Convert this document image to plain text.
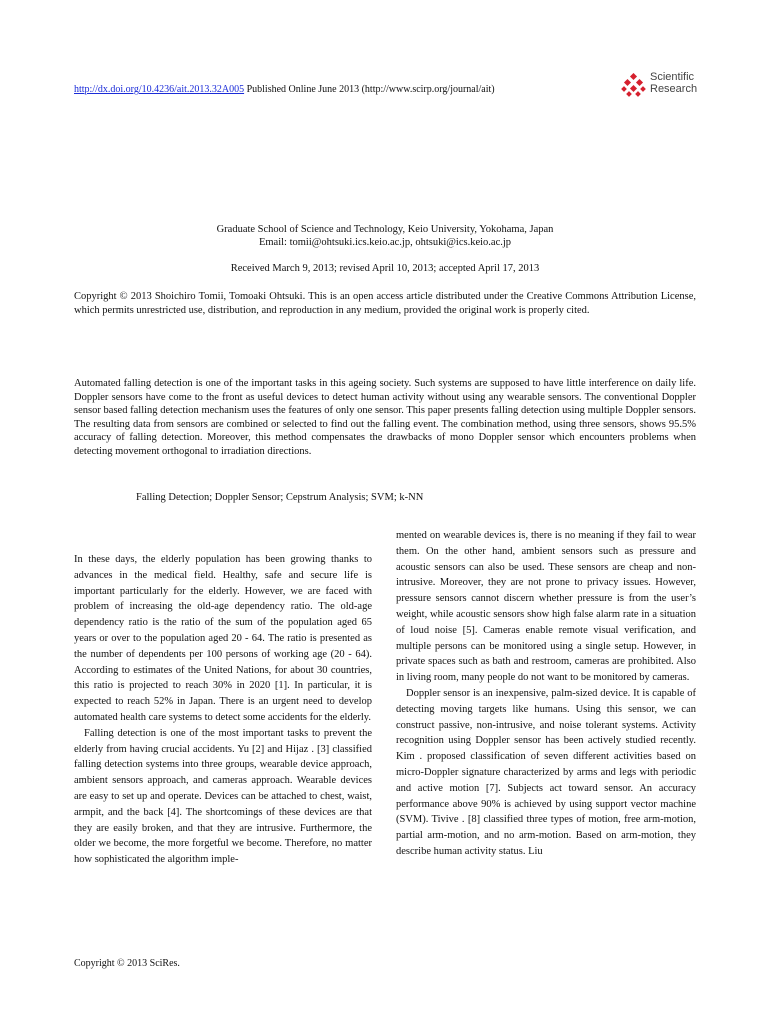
http://dx.doi.org/10.4236/ait.2013.32A005 Published Online June 2013 (http://www.scirp.org/journal/ait)
Scientific
Research
Graduate School of Science and Technology, Keio University, Yokohama, Japan
Email: tomii@ohtsuki.ics.keio.ac.jp, ohtsuki@ics.keio.ac.jp
Received March 9, 2013; revised April 10, 2013; accepted April 17, 2013
Copyright © 2013 Shoichiro Tomii, Tomoaki Ohtsuki. This is an open access article distributed under the Creative Commons Attribution License, which permits unrestricted use, distribution, and reproduction in any medium, provided the original work is properly cited.
Automated falling detection is one of the important tasks in this ageing society. Such systems are supposed to have little interference on daily life. Doppler sensors have come to the front as useful devices to detect human activity without using any wearable sensors. The conventional Doppler sensor based falling detection mechanism uses the features of only one sensor. This paper presents falling detection using multiple Doppler sensors. The resulting data from sensors are combined or selected to find out the falling event. The combination method, using three sensors, shows 95.5% accuracy of falling detection. Moreover, this method compensates the drawbacks of mono Doppler sensor which encounters problems when detecting movement orthogonal to irradiation directions.
Falling Detection; Doppler Sensor; Cepstrum Analysis; SVM; k-NN

In these days, the elderly population has been growing thanks to advances in the medical field. Healthy, safe and secure life is important particularly for the elderly. However, we are faced with problem of increasing the old-age dependency ratio. The old-age dependency ratio is the ratio of the sum of the population aged 65 years or over to the population aged 20 - 64. The ratio is presented as the number of dependents per 100 persons of working age (20 - 64). According to estimates of the United Nations, for about 30 countries, this ratio is projected to reach 30% in 2020 [1]. In particular, it is expected to reach 52% in Japan. There is an urgent need to develop automated health care systems to detect some accidents for the elderly.

Falling detection is one of the most important tasks to prevent the elderly from having crucial accidents. Yu [2] and Hijaz . [3] classified falling detection systems into three groups, wearable device approach, ambient sensors approach, and cameras approach. Wearable devices are easy to set up and operate. Devices can be attached to chest, waist, armpit, and the back [4]. The shortcomings of these devices are that they are easily broken, and that they are intrusive. Furthermore, the older we become, the more forgetful we become. Therefore, no matter how sophisticated the algorithm imple-

mented on wearable devices is, there is no meaning if they fail to wear them. On the other hand, ambient sensors such as pressure and acoustic sensors can also be used. These sensors are cheap and non-intrusive. Moreover, they are not prone to privacy issues. However, pressure sensors cannot discern whether pressure is from the user’s weight, while acoustic sensors show high false alarm rate in a situation of loud noise [5]. Cameras enable remote visual verification, and multiple persons can be monitored using a single setup. However, in private spaces such as bath and restroom, cameras are prohibited. Also in living room, many people do not want to be monitored by cameras.

Doppler sensor is an inexpensive, palm-sized device. It is capable of detecting moving targets like humans. Using this sensor, we can construct passive, non-intrusive, and noise tolerant systems. Activity recognition using Doppler sensor has been actively studied recently. Kim . proposed classification of seven different activities based on micro-Doppler signature characterized by arms and legs with periodic and active motion [7]. Subjects act toward sensor. An accuracy performance above 90% is achieved by using support vector machine (SVM). Tivive . [8] classified three types of motion, free arm-motion, partial arm-motion, and no arm-motion. Based on arm-motion, they describe human activity status. Liu

Copyright © 2013 SciRes.
